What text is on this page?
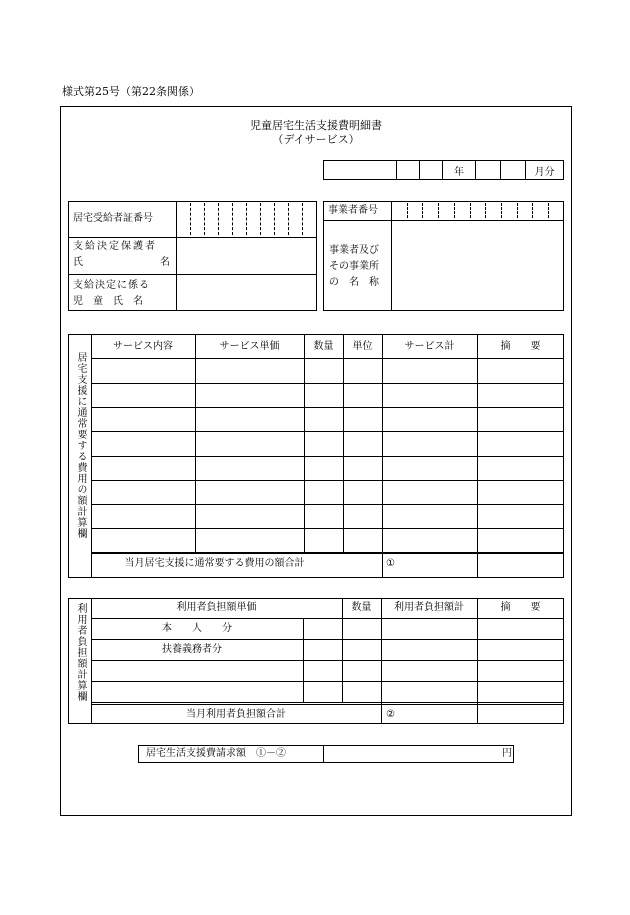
様式第25号（第22条関係）
児童居宅生活支援費明細書
（デイサービス）
			年			月分
居宅受給者証番号
支給決定保護者
氏	名
支給決定に係る
児　童　氏　名
事業者番号
事業者及び
その事業所
の　名　称
サービス内容	サービス単価	数量	単位	サービス計	摘　　要
居宅支援に通常要する費用の額計算欄
当月居宅支援に通常要する費用の額合計	①
利用者負担額単価	数量	利用者負担額計	摘　　要
利用者負担額計算欄	本　　人　　分
扶養義務者分
当月利用者負担額合計	②
居宅生活支援費請求額　①－②	円
